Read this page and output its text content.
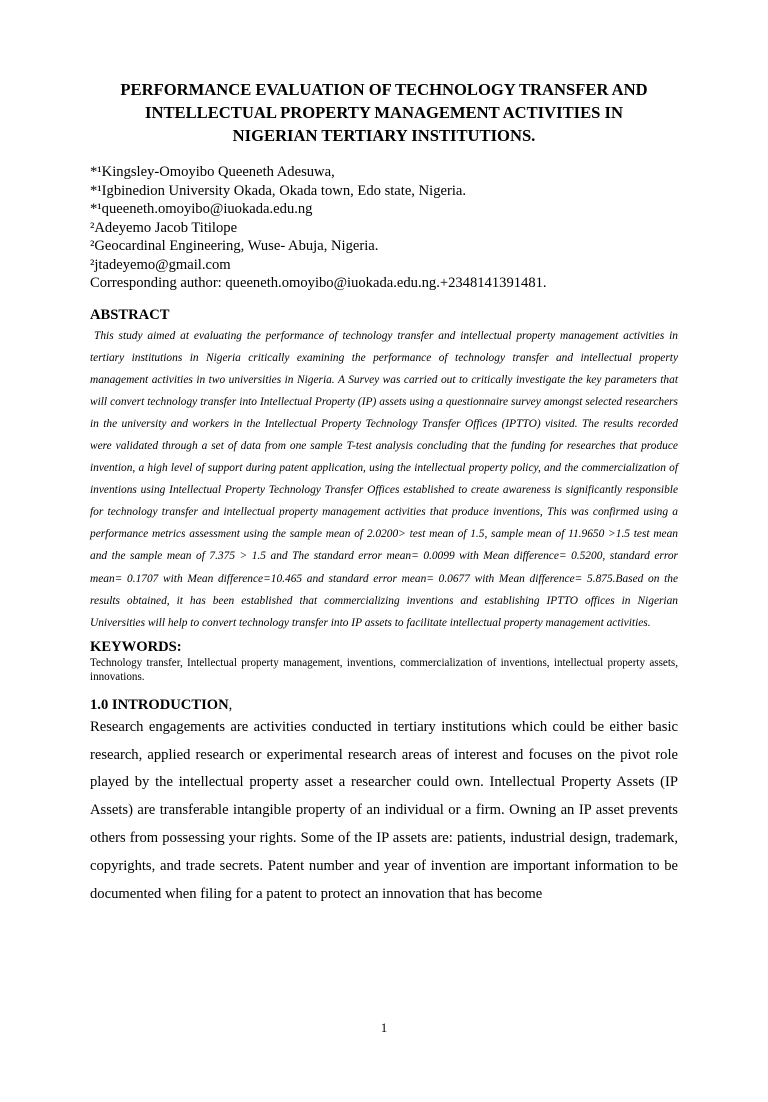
PERFORMANCE EVALUATION OF TECHNOLOGY TRANSFER AND
INTELLECTUAL PROPERTY MANAGEMENT ACTIVITIES IN
NIGERIAN TERTIARY INSTITUTIONS.
*¹Kingsley-Omoyibo Queeneth Adesuwa,
*¹Igbinedion University Okada, Okada town, Edo state, Nigeria.
*¹queeneth.omoyibo@iuokada.edu.ng
²Adeyemo Jacob Titilope
²Geocardinal Engineering, Wuse- Abuja, Nigeria.
²jtadeyemo@gmail.com
Corresponding author: queeneth.omoyibo@iuokada.edu.ng.+2348141391481.
ABSTRACT
This study aimed at evaluating the performance of technology transfer and intellectual property management activities in tertiary institutions in Nigeria critically examining the performance of technology transfer and intellectual property management activities in two universities in Nigeria. A Survey was carried out to critically investigate the key parameters that will convert technology transfer into Intellectual Property (IP) assets using a questionnaire survey amongst selected researchers in the university and workers in the Intellectual Property Technology Transfer Offices (IPTTO) visited. The results recorded were validated through a set of data from one sample T-test analysis concluding that the funding for researches that produce invention, a high level of support during patent application, using the intellectual property policy, and the commercialization of inventions using Intellectual Property Technology Transfer Offices established to create awareness is significantly responsible for technology transfer and intellectual property management activities that produce inventions, This was confirmed using a performance metrics assessment using the sample mean of 2.0200> test mean of 1.5, sample mean of 11.9650 >1.5 test mean and the sample mean of 7.375 > 1.5 and The standard error mean= 0.0099 with Mean difference= 0.5200, standard error mean= 0.1707 with Mean difference=10.465 and standard error mean= 0.0677 with Mean difference= 5.875.Based on the results obtained, it has been established that commercializing inventions and establishing IPTTO offices in Nigerian Universities will help to convert technology transfer into IP assets to facilitate intellectual property management activities.
KEYWORDS:
Technology transfer, Intellectual property management, inventions, commercialization of inventions, intellectual property assets, innovations.
1.0 INTRODUCTION,
Research engagements are activities conducted in tertiary institutions which could be either basic research, applied research or experimental research areas of interest and focuses on the pivot role played by the intellectual property asset a researcher could own. Intellectual Property Assets (IP Assets) are transferable intangible property of an individual or a firm. Owning an IP asset prevents others from possessing your rights. Some of the IP assets are: patients, industrial design, trademark, copyrights, and trade secrets. Patent number and year of invention are important information to be documented when filing for a patent to protect an innovation that has become
1
